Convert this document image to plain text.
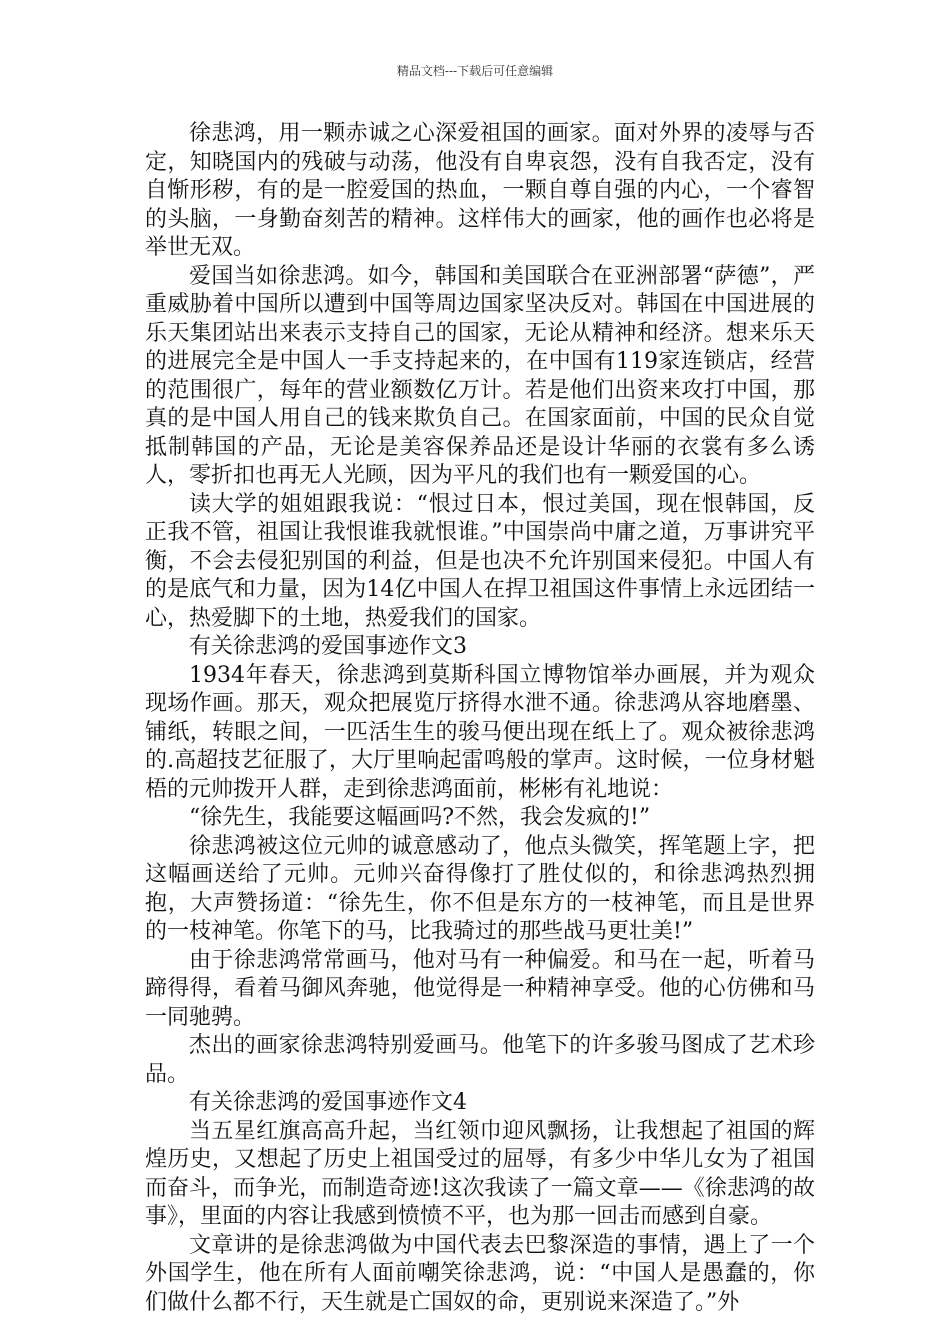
精品文档---下载后可任意编辑

徐悲鸿，用一颗赤诚之心深爱祖国的画家。面对外界的凌辱与否定，知晓国内的残破与动荡，他没有自卑哀怨，没有自我否定，没有自惭形秽，有的是一腔爱国的热血，一颗自尊自强的内心，一个睿智的头脑，一身勤奋刻苦的精神。这样伟大的画家，他的画作也必将是举世无双。

爱国当如徐悲鸿。如今，韩国和美国联合在亚洲部署“萨德”，严重威胁着中国所以遭到中国等周边国家坚决反对。韩国在中国进展的乐天集团站出来表示支持自己的国家，无论从精神和经济。想来乐天的进展完全是中国人一手支持起来的，在中国有119家连锁店，经营的范围很广，每年的营业额数亿万计。若是他们出资来攻打中国，那真的是中国人用自己的钱来欺负自己。在国家面前，中国的民众自觉抵制韩国的产品，无论是美容保养品还是设计华丽的衣裳有多么诱人，零折扣也再无人光顾，因为平凡的我们也有一颗爱国的心。

读大学的姐姐跟我说：“恨过日本，恨过美国，现在恨韩国，反正我不管，祖国让我恨谁我就恨谁。”中国崇尚中庸之道，万事讲究平衡，不会去侵犯别国的利益，但是也决不允许别国来侵犯。中国人有的是底气和力量，因为14亿中国人在捍卫祖国这件事情上永远团结一心，热爱脚下的土地，热爱我们的国家。

有关徐悲鸿的爱国事迹作文3

1934年春天，徐悲鸿到莫斯科国立博物馆举办画展，并为观众现场作画。那天，观众把展览厅挤得水泄不通。徐悲鸿从容地磨墨、铺纸，转眼之间，一匹活生生的骏马便出现在纸上了。观众被徐悲鸿的.高超技艺征服了，大厅里响起雷鸣般的掌声。这时候，一位身材魁梧的元帅拨开人群，走到徐悲鸿面前，彬彬有礼地说：

“徐先生，我能要这幅画吗?不然，我会发疯的!”

徐悲鸿被这位元帅的诚意感动了，他点头微笑，挥笔题上字，把这幅画送给了元帅。元帅兴奋得像打了胜仗似的，和徐悲鸿热烈拥抱，大声赞扬道：“徐先生，你不但是东方的一枝神笔，而且是世界的一枝神笔。你笔下的马，比我骑过的那些战马更壮美!”

由于徐悲鸿常常画马，他对马有一种偏爱。和马在一起，听着马蹄得得，看着马御风奔驰，他觉得是一种精神享受。他的心仿佛和马一同驰骋。

杰出的画家徐悲鸿特别爱画马。他笔下的许多骏马图成了艺术珍品。

有关徐悲鸿的爱国事迹作文4

当五星红旗高高升起，当红领巾迎风飘扬，让我想起了祖国的辉煌历史，又想起了历史上祖国受过的屈辱，有多少中华儿女为了祖国而奋斗，而争光，而制造奇迹!这次我读了一篇文章——《徐悲鸿的故事》，里面的内容让我感到愤愤不平，也为那一回击而感到自豪。

文章讲的是徐悲鸿做为中国代表去巴黎深造的事情，遇上了一个外国学生，他在所有人面前嘲笑徐悲鸿，说：“中国人是愚蠢的，你们做什么都不行，天生就是亡国奴的命，更别说来深造了。”外
